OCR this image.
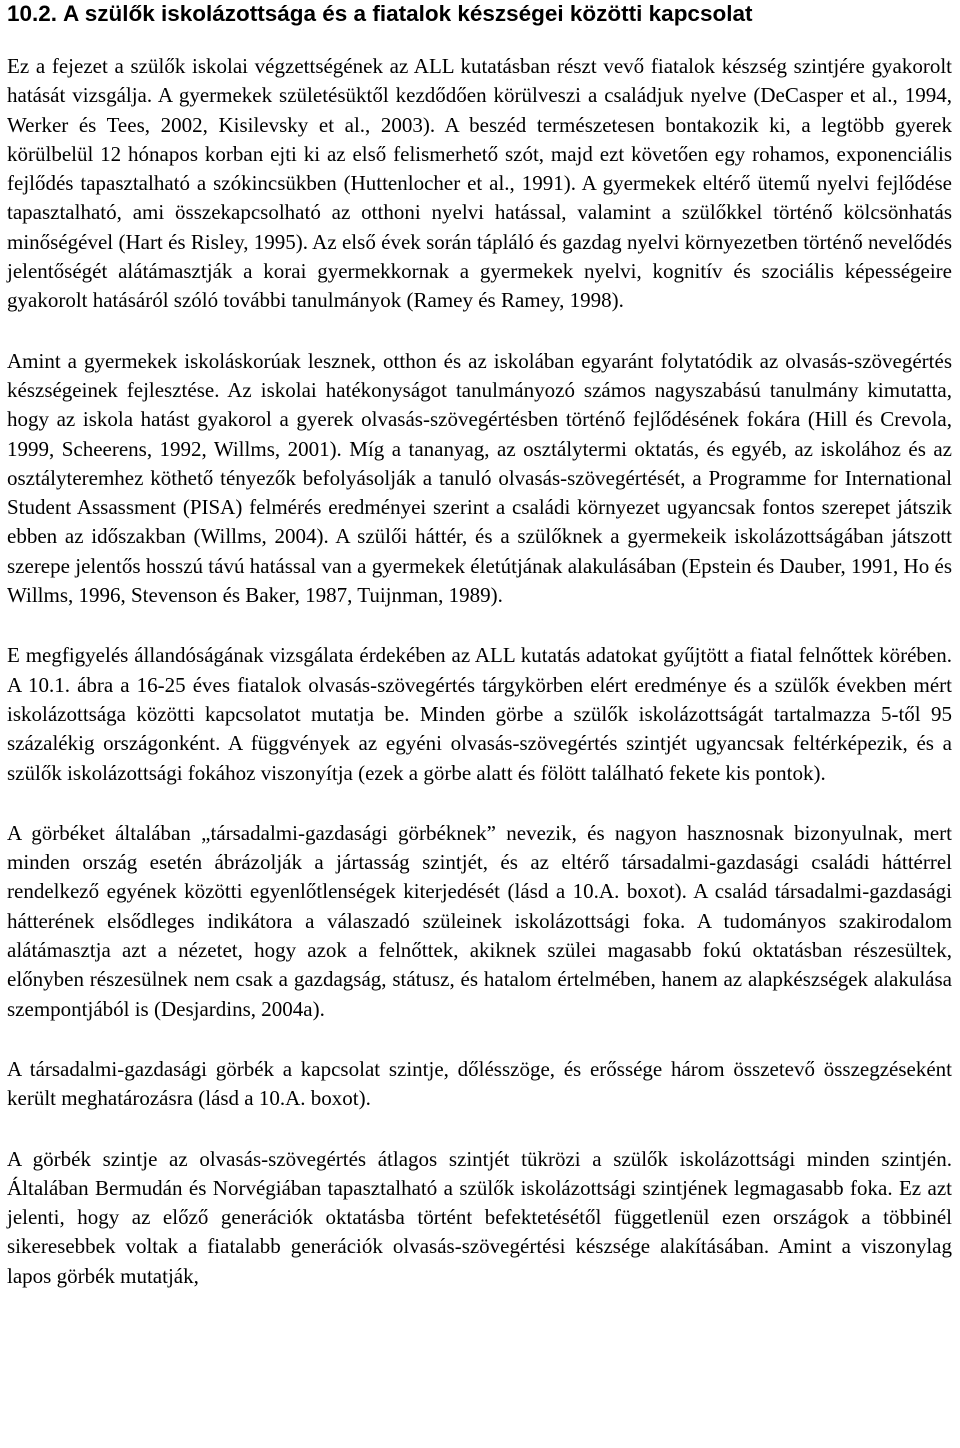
10.2. A szülők iskolázottsága és a fiatalok készségei közötti kapcsolat

Ez a fejezet a szülők iskolai végzettségének az ALL kutatásban részt vevő fiatalok készség szintjére gyakorolt hatását vizsgálja. A gyermekek születésüktől kezdődően körülveszi a családjuk nyelve (DeCasper et al., 1994, Werker és Tees, 2002, Kisilevsky et al., 2003). A beszéd természetesen bontakozik ki, a legtöbb gyerek körülbelül 12 hónapos korban ejti ki az első felismerhető szót, majd ezt követően egy rohamos, exponenciális fejlődés tapasztalható a szókincsükben (Huttenlocher et al., 1991). A gyermekek eltérő ütemű nyelvi fejlődése tapasztalható, ami összekapcsolható az otthoni nyelvi hatással, valamint a szülőkkel történő kölcsönhatás minőségével (Hart és Risley, 1995). Az első évek során tápláló és gazdag nyelvi környezetben történő nevelődés jelentőségét alátámasztják a korai gyermekkornak a gyermekek nyelvi, kognitív és szociális képességeire gyakorolt hatásáról szóló további tanulmányok (Ramey és Ramey, 1998).

Amint a gyermekek iskoláskorúak lesznek, otthon és az iskolában egyaránt folytatódik az olvasás-szövegértés készségeinek fejlesztése. Az iskolai hatékonyságot tanulmányozó számos nagyszabású tanulmány kimutatta, hogy az iskola hatást gyakorol a gyerek olvasás-szövegértésben történő fejlődésének fokára (Hill és Crevola, 1999, Scheerens, 1992, Willms, 2001). Míg a tananyag, az osztálytermi oktatás, és egyéb, az iskolához és az osztályteremhez köthető tényezők befolyásolják a tanuló olvasás-szövegértését, a Programme for International Student Assassment (PISA) felmérés eredményei szerint a családi környezet ugyancsak fontos szerepet játszik ebben az időszakban (Willms, 2004). A szülői háttér, és a szülőknek a gyermekeik iskolázottságában játszott szerepe jelentős hosszú távú hatással van a gyermekek életútjának alakulásában (Epstein és Dauber, 1991, Ho és Willms, 1996, Stevenson és Baker, 1987, Tuijnman, 1989).

E megfigyelés állandóságának vizsgálata érdekében az ALL kutatás adatokat gyűjtött a fiatal felnőttek körében. A 10.1. ábra a 16-25 éves fiatalok olvasás-szövegértés tárgykörben elért eredménye és a szülők években mért iskolázottsága közötti kapcsolatot mutatja be. Minden görbe a szülők iskolázottságát tartalmazza 5-től 95 százalékig országonként. A függvények az egyéni olvasás-szövegértés szintjét ugyancsak feltérképezik, és a szülők iskolázottsági fokához viszonyítja (ezek a görbe alatt és fölött található fekete kis pontok).

A görbéket általában „társadalmi-gazdasági görbéknek” nevezik, és nagyon hasznosnak bizonyulnak, mert minden ország esetén ábrázolják a jártasság szintjét, és az eltérő társadalmi-gazdasági családi háttérrel rendelkező egyének közötti egyenlőtlenségek kiterjedését (lásd a 10.A. boxot). A család társadalmi-gazdasági hátterének elsődleges indikátora a válaszadó szüleinek iskolázottsági foka. A tudományos szakirodalom alátámasztja azt a nézetet, hogy azok a felnőttek, akiknek szülei magasabb fokú oktatásban részesültek, előnyben részesülnek nem csak a gazdagság, státusz, és hatalom értelmében, hanem az alapkészségek alakulása szempontjából is (Desjardins, 2004a).

A társadalmi-gazdasági görbék a kapcsolat szintje, dőlésszöge, és erőssége három összetevő összegzéseként került meghatározásra (lásd a 10.A. boxot).

A görbék szintje az olvasás-szövegértés átlagos szintjét tükrözi a szülők iskolázottsági minden szintjén. Általában Bermudán és Norvégiában tapasztalható a szülők iskolázottsági szintjének legmagasabb foka. Ez azt jelenti, hogy az előző generációk oktatásba történt befektetésétől függetlenül ezen országok a többinél sikeresebbek voltak a fiatalabb generációk olvasás-szövegértési készsége alakításában. Amint a viszonylag lapos görbék mutatják,
